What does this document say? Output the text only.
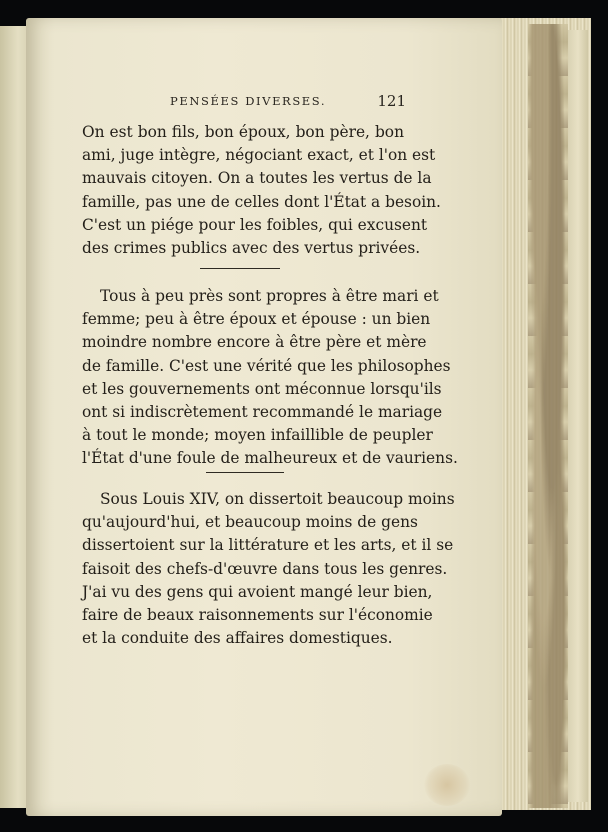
PENSÉES DIVERSES.	121

On est bon fils, bon époux, bon père, bon
ami, juge intègre, négociant exact, et l'on est
mauvais citoyen. On a toutes les vertus de la
famille, pas une de celles dont l'État a besoin.
C'est un piége pour les foibles, qui excusent
des crimes publics avec des vertus privées.

Tous à peu près sont propres à être mari et
femme; peu à être époux et épouse : un bien
moindre nombre encore à être père et mère
de famille. C'est une vérité que les philosophes
et les gouvernements ont méconnue lorsqu'ils
ont si indiscrètement recommandé le mariage
à tout le monde; moyen infaillible de peupler
l'État d'une foule de malheureux et de vauriens.

Sous Louis XIV, on dissertoit beaucoup moins
qu'aujourd'hui, et beaucoup moins de gens
dissertoient sur la littérature et les arts, et il se
faisoit des chefs-d'œuvre dans tous les genres.
J'ai vu des gens qui avoient mangé leur bien,
faire de beaux raisonnements sur l'économie
et la conduite des affaires domestiques.
